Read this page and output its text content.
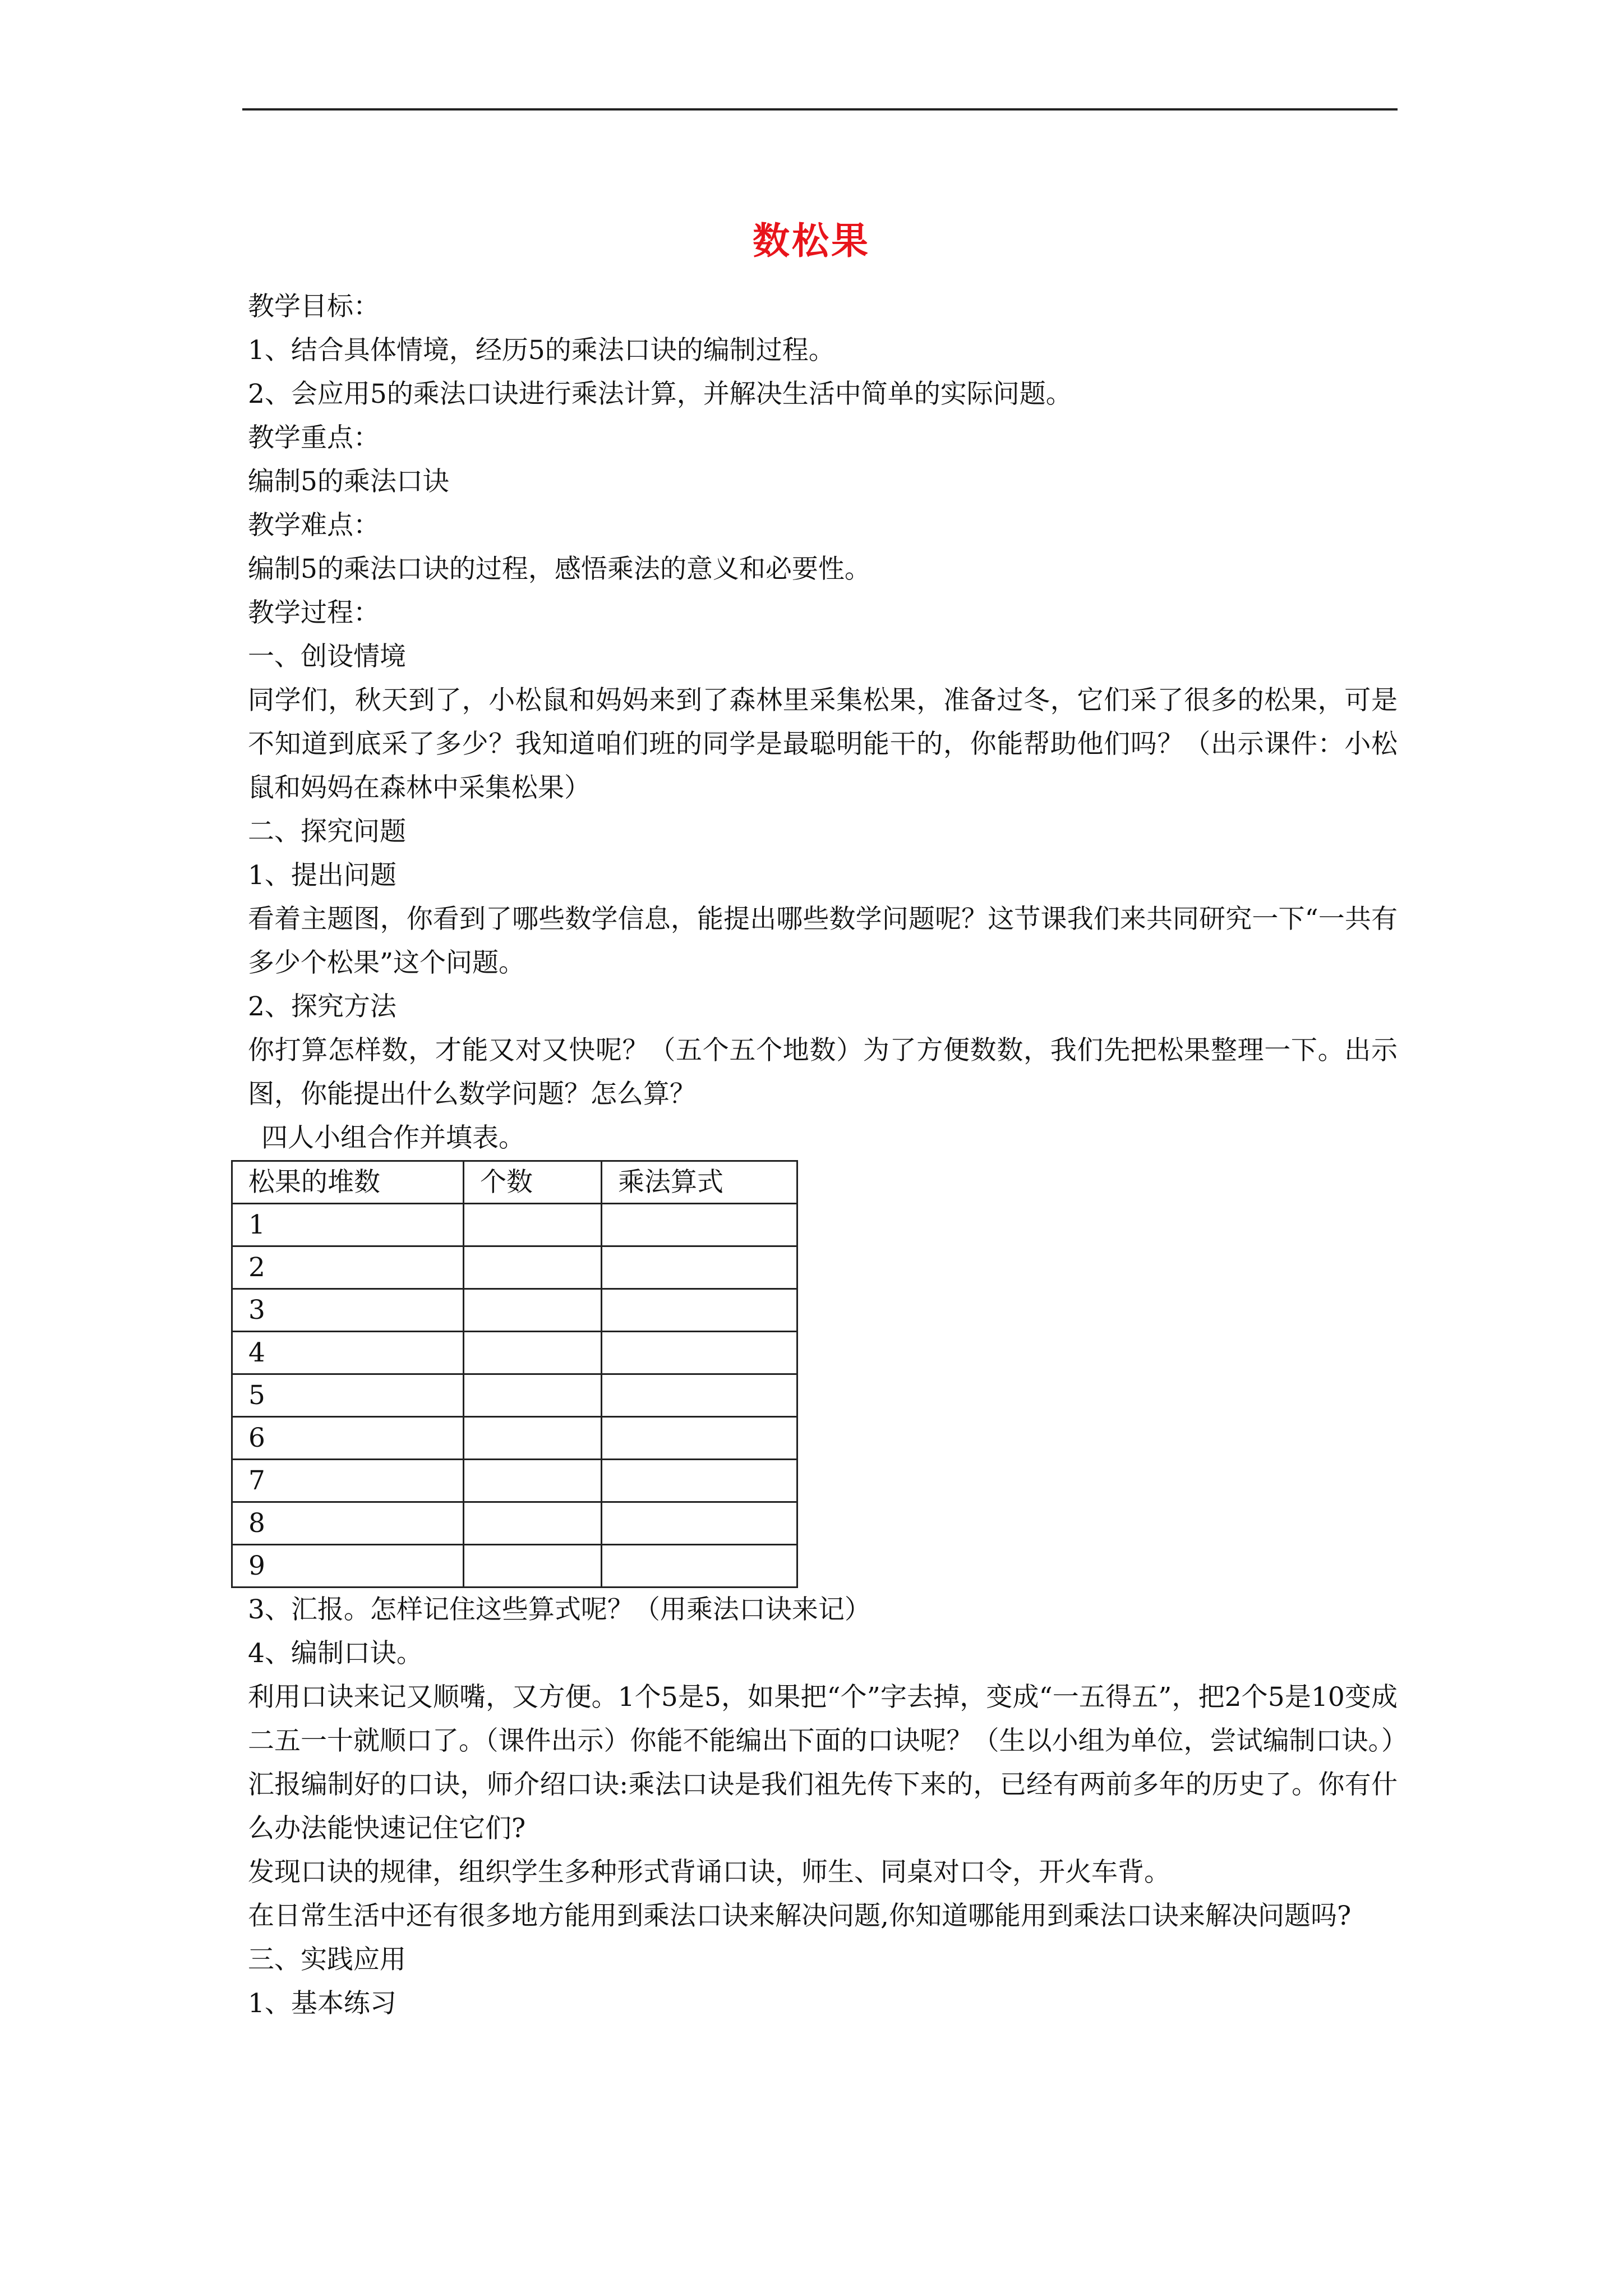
数松果

教学目标：

1、结合具体情境，经历5的乘法口诀的编制过程。

2、会应用5的乘法口诀进行乘法计算，并解决生活中简单的实际问题。

教学重点：

编制5的乘法口诀

教学难点：

编制5的乘法口诀的过程，感悟乘法的意义和必要性。

教学过程：

一、创设情境

同学们，秋天到了，小松鼠和妈妈来到了森林里采集松果，准备过冬，它们采了很多的松果，可是不知道到底采了多少？我知道咱们班的同学是最聪明能干的，你能帮助他们吗？（出示课件：小松鼠和妈妈在森林中采集松果）

二、探究问题

1、提出问题

看着主题图，你看到了哪些数学信息，能提出哪些数学问题呢？这节课我们来共同研究一下“一共有多少个松果”这个问题。

2、探究方法

你打算怎样数，才能又对又快呢？（五个五个地数）为了方便数数，我们先把松果整理一下。出示图，你能提出什么数学问题？怎么算？

四人小组合作并填表。

松果的堆数	个数	乘法算式
1		
2		
3		
4		
5		
6		
7		
8		
9		

3、汇报。怎样记住这些算式呢？（用乘法口诀来记）

4、编制口诀。

利用口诀来记又顺嘴，又方便。1个5是5，如果把“个”字去掉，变成“一五得五”，把2个5是10变成二五一十就顺口了。（课件出示）你能不能编出下面的口诀呢？（生以小组为单位，尝试编制口诀。）

汇报编制好的口诀，师介绍口诀:乘法口诀是我们祖先传下来的，已经有两前多年的历史了。你有什么办法能快速记住它们?

发现口诀的规律，组织学生多种形式背诵口诀，师生、同桌对口令，开火车背。

在日常生活中还有很多地方能用到乘法口诀来解决问题,你知道哪能用到乘法口诀来解决问题吗?

三、实践应用

1、基本练习
